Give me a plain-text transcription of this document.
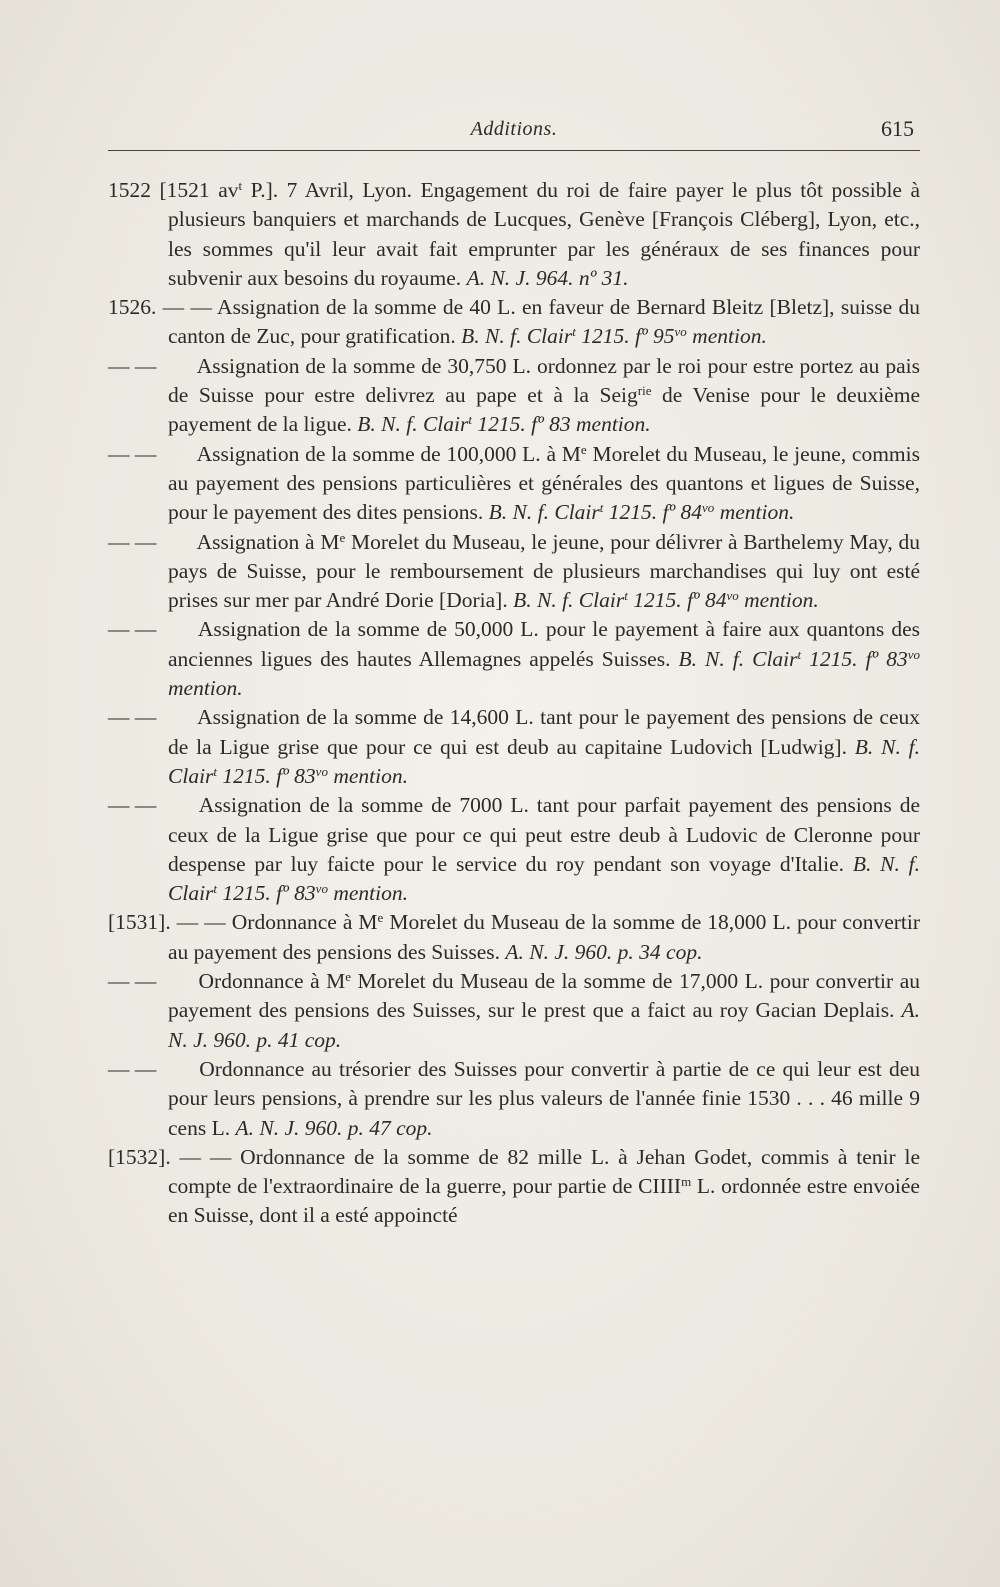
Additions.	615

1522 [1521 $av^t$ P.]. 7 Avril, Lyon. Engagement du roi de faire payer le plus tôt possible à plusieurs banquiers et marchands de Lucques, Genève [François Cléberg], Lyon, etc., les sommes qu'il leur avait fait emprunter par les généraux de ses finances pour subvenir aux besoins du royaume. A. N. J. 964. nº 31.

1526. — — Assignation de la somme de 40 L. en faveur de Bernard Bleitz [Bletz], suisse du canton de Zuc, pour gratification. B. N. f. Clair$^t$ 1215. fº $95^{vo}$ mention.

— — Assignation de la somme de 30,750 L. ordonnez par le roi pour estre portez au pais de Suisse pour estre delivrez au pape et à la Seig$^{rie}$ de Venise pour le deuxième payement de la ligue. B. N. f. Clair$^t$ 1215. fº 83 mention.

— — Assignation de la somme de 100,000 L. à Me Morelet du Museau, le jeune, commis au payement des pensions particulières et générales des quantons et ligues de Suisse, pour le payement des dites pensions. B. N. f. Clair$^t$ 1215. fº $84^{vo}$ mention.

— — Assignation à Me Morelet du Museau, le jeune, pour délivrer à Barthelemy May, du pays de Suisse, pour le remboursement de plusieurs marchandises qui luy ont esté prises sur mer par André Dorie [Doria]. B. N. f. Clair$^t$ 1215. fº $84^{vo}$ mention.

— — Assignation de la somme de 50,000 L. pour le payement à faire aux quantons des anciennes ligues des hautes Allemagnes appelés Suisses. B. N. f. Clair$^t$ 1215. fº $83^{vo}$ mention.

— — Assignation de la somme de 14,600 L. tant pour le payement des pensions de ceux de la Ligue grise que pour ce qui est deub au capitaine Ludovich [Ludwig]. B. N. f. Clair$^t$ 1215. fº $83^{vo}$ mention.

— — Assignation de la somme de 7000 L. tant pour parfait payement des pensions de ceux de la Ligue grise que pour ce qui peut estre deub à Ludovic de Cleronne pour despense par luy faicte pour le service du roy pendant son voyage d'Italie. B. N. f. Clair$^t$ 1215. fº $83^{vo}$ mention.

[1531]. — — Ordonnance à Me Morelet du Museau de la somme de 18,000 L. pour convertir au payement des pensions des Suisses. A. N. J. 960. p. 34 cop.

— — Ordonnance à Me Morelet du Museau de la somme de 17,000 L. pour convertir au payement des pensions des Suisses, sur le prest que a faict au roy Gacian Deplais. A. N. J. 960. p. 41 cop.

— — Ordonnance au trésorier des Suisses pour convertir à partie de ce qui leur est deu pour leurs pensions, à prendre sur les plus valeurs de l'année finie 1530 . . . 46 mille 9 cens L. A. N. J. 960. p. 47 cop.

[1532]. — — Ordonnance de la somme de 82 mille L. à Jehan Godet, commis à tenir le compte de l'extraordinaire de la guerre, pour partie de CIIII$^m$ L. ordonnée estre envoiée en Suisse, dont il a esté appoincté
